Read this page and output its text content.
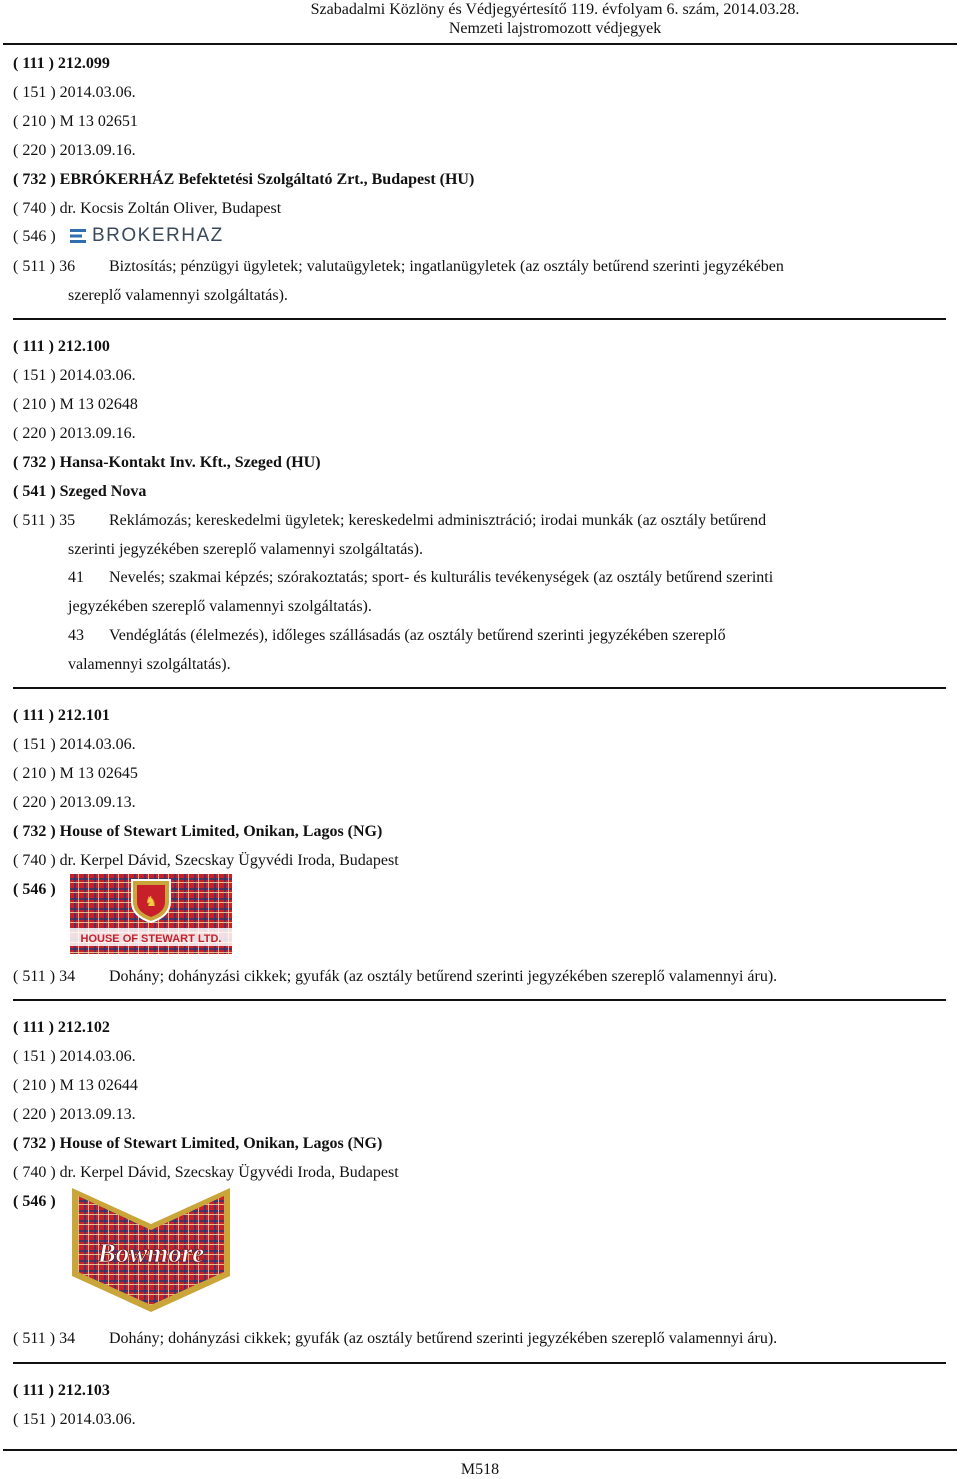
Szabadalmi Közlöny és Védjegyértesítő 119. évfolyam 6. szám, 2014.03.28.
Nemzeti lajstromozott védjegyek
( 111 ) 212.099
( 151 ) 2014.03.06.
( 210 ) M 13 02651
( 220 ) 2013.09.16.
( 732 ) EBRÓKERHÁZ Befektetési Szolgáltató Zrt., Budapest (HU)
( 740 ) dr. Kocsis Zoltán Oliver, Budapest
( 546 ) BROKERHAZ
( 511 ) 36 Biztosítás; pénzügyi ügyletek; valutaügyletek; ingatlanügyletek (az osztály betűrend szerinti jegyzékében
szereplő valamennyi szolgáltatás).
( 111 ) 212.100
( 151 ) 2014.03.06.
( 210 ) M 13 02648
( 220 ) 2013.09.16.
( 732 ) Hansa-Kontakt Inv. Kft., Szeged (HU)
( 541 ) Szeged Nova
( 511 ) 35 Reklámozás; kereskedelmi ügyletek; kereskedelmi adminisztráció; irodai munkák (az osztály betűrend
szerinti jegyzékében szereplő valamennyi szolgáltatás).
41 Nevelés; szakmai képzés; szórakoztatás; sport- és kulturális tevékenységek (az osztály betűrend szerinti
jegyzékében szereplő valamennyi szolgáltatás).
43 Vendéglátás (élelmezés), időleges szállásadás (az osztály betűrend szerinti jegyzékében szereplő
valamennyi szolgáltatás).
( 111 ) 212.101
( 151 ) 2014.03.06.
( 210 ) M 13 02645
( 220 ) 2013.09.13.
( 732 ) House of Stewart Limited, Onikan, Lagos (NG)
( 740 ) dr. Kerpel Dávid, Szecskay Ügyvédi Iroda, Budapest
( 546 )
♞
HOUSE OF STEWART LTD.
( 511 ) 34 Dohány; dohányzási cikkek; gyufák (az osztály betűrend szerinti jegyzékében szereplő valamennyi áru).
( 111 ) 212.102
( 151 ) 2014.03.06.
( 210 ) M 13 02644
( 220 ) 2013.09.13.
( 732 ) House of Stewart Limited, Onikan, Lagos (NG)
( 740 ) dr. Kerpel Dávid, Szecskay Ügyvédi Iroda, Budapest
( 546 )
Bowmore
( 511 ) 34 Dohány; dohányzási cikkek; gyufák (az osztály betűrend szerinti jegyzékében szereplő valamennyi áru).
( 111 ) 212.103
( 151 ) 2014.03.06.
M518
